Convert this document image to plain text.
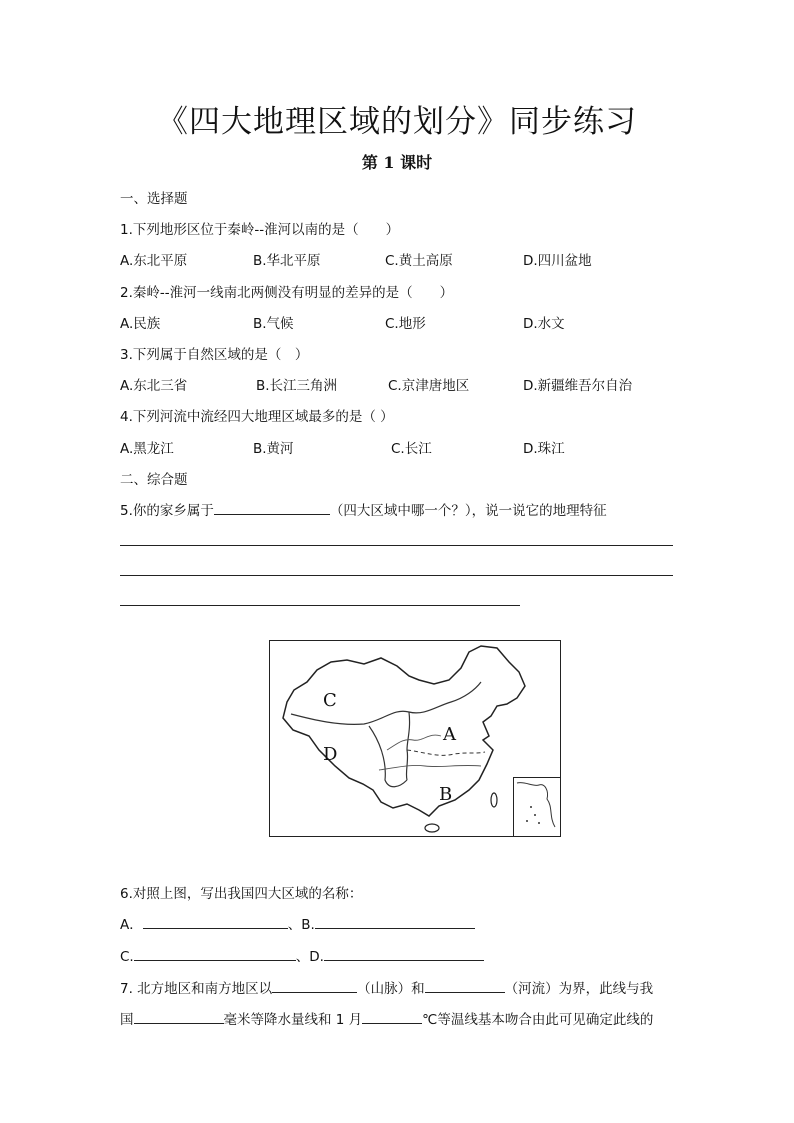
《四大地理区域的划分》同步练习
第 1 课时
一、选择题
1.下列地形区位于秦岭--淮河以南的是（　　）
A.东北平原	B.华北平原	C.黄土高原	D.四川盆地
2.秦岭--淮河一线南北两侧没有明显的差异的是（　　）
A.民族	B.气候	C.地形	D.水文
3.下列属于自然区域的是（　）
A.东北三省	B.长江三角洲	C.京津唐地区	D.新疆维吾尔自治
4.下列河流中流经四大地理区域最多的是（ ）
A.黑龙江	B.黄河	C.长江	D.珠江
二、综合题
5.你的家乡属于	（四大区域中哪一个？），说一说它的地理特征
C
D
A
B
6.对照上图，写出我国四大区域的名称：
A．	、B.
C.	、D.
7. 北方地区和南方地区以	（山脉）和	（河流）为界，此线与我
国	毫米等降水量线和 1 月	℃等温线基本吻合由此可见确定此线的
